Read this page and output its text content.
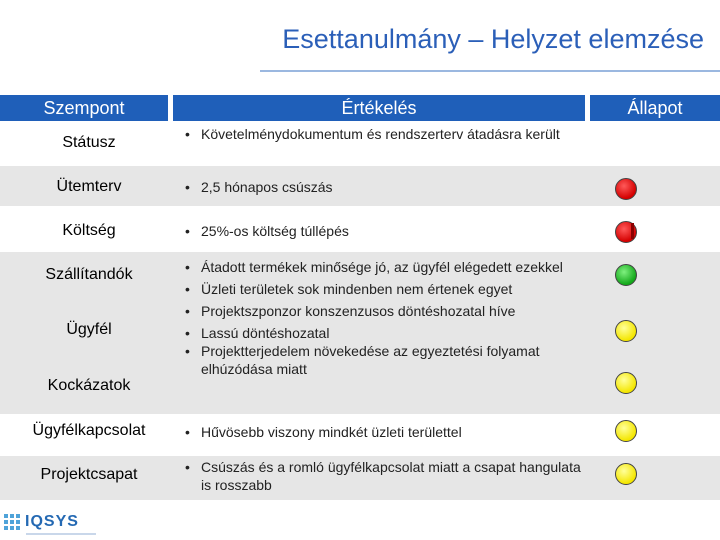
Esettanulmány – Helyzet elemzése
Szempont	Értékelés	Állapot
Státusz
Ütemterv
Költség
Szállítandók
Ügyfél
Kockázatok
Ügyfélkapcsolat
Projektcsapat
• Követelménydokumentum és rendszerterv átadásra került
• 2,5 hónapos csúszás
• 25%-os költség túllépés
• Átadott termékek minősége jó, az ügyfél elégedett ezekkel
• Üzleti területek sok mindenben nem értenek egyet
• Projektszponzor konszenzusos döntéshozatal híve
• Lassú döntéshozatal
• Projektterjedelem növekedése az egyeztetési folyamat elhúzódása miatt
• Hűvösebb viszony mindkét üzleti területtel
• Csúszás és a romló ügyfélkapcsolat miatt a csapat hangulata is rosszabb
IQSYS
